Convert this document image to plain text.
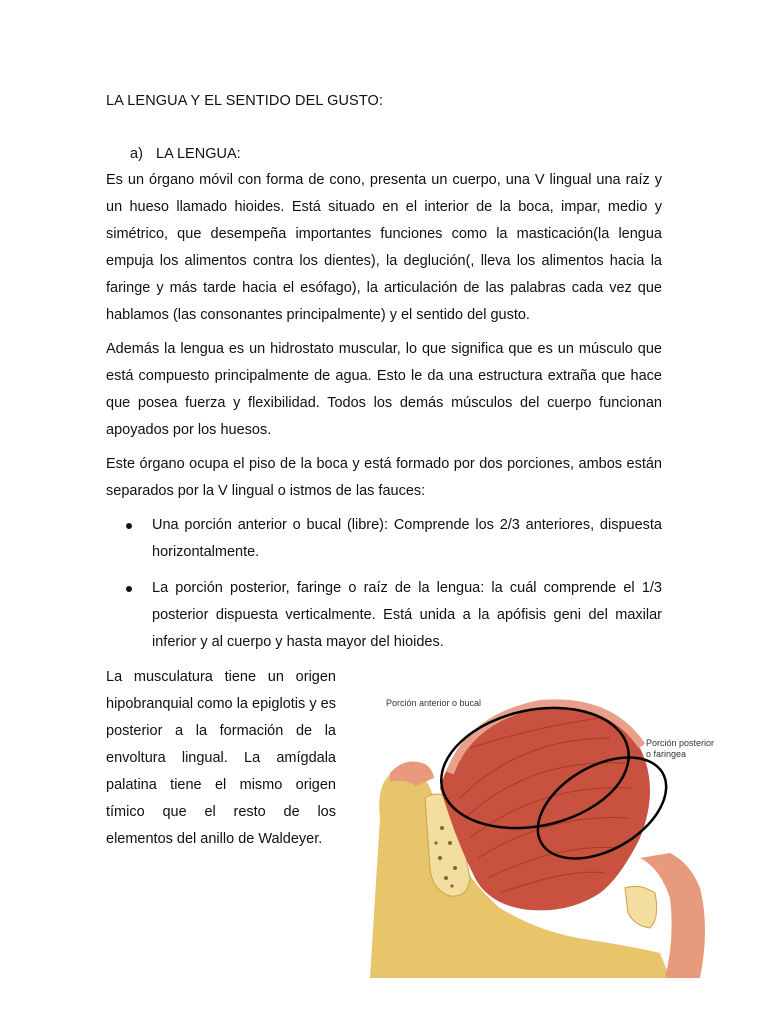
LA LENGUA Y EL SENTIDO DEL GUSTO:
a) LA LENGUA:

Es un órgano móvil con forma de cono, presenta un cuerpo, una V lingual una raíz y un hueso llamado hioides. Está situado en el interior de la boca, impar, medio y simétrico, que desempeña importantes funciones como la masticación(la lengua empuja los alimentos contra los dientes), la deglución(, lleva los alimentos hacia la faringe y más tarde hacia el esófago), la articulación de las palabras cada vez que hablamos (las consonantes principalmente) y el sentido del gusto.

Además la lengua es un hidrostato muscular, lo que significa que es un músculo que está compuesto principalmente de agua. Esto le da una estructura extraña que hace que posea fuerza y flexibilidad. Todos los demás músculos del cuerpo funcionan apoyados por los huesos.

Este órgano ocupa el piso de la boca y está formado por dos porciones, ambos están separados por la V lingual o istmos de las fauces:

Una porción anterior o bucal (libre): Comprende los 2/3 anteriores, dispuesta horizontalmente.
La porción posterior, faringe o raíz de la lengua: la cuál comprende el 1/3 posterior dispuesta verticalmente. Está unida a la apófisis geni del maxilar inferior y al cuerpo y hasta mayor del hioides.

La musculatura tiene un origen hipobranquial como la epiglotis y es posterior a la formación de la envoltura lingual. La amígdala palatina tiene el mismo origen tímico que el resto de los elementos del anillo de Waldeyer.

Porción anterior o bucal
Porción posterior
o faringea
